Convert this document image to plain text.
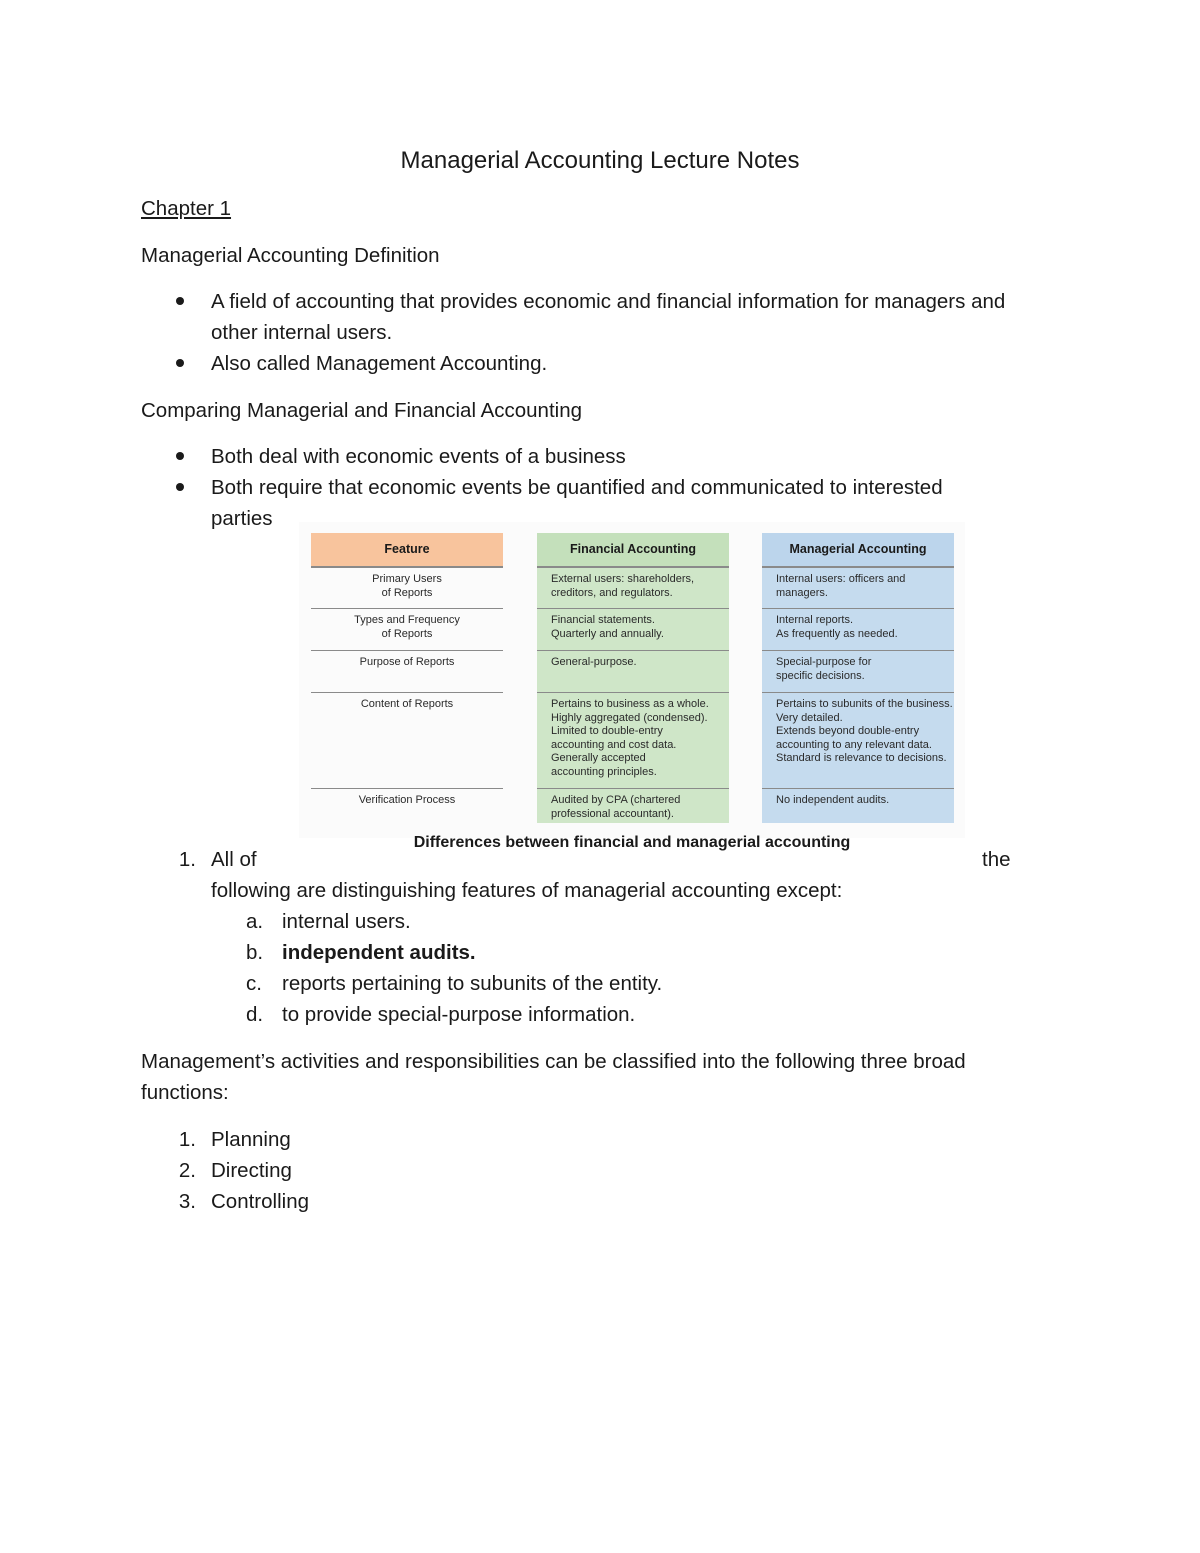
Managerial Accounting Lecture Notes
Chapter 1
Managerial Accounting Definition
A field of accounting that provides economic and financial information for managers and
other internal users.
Also called Management Accounting.
Comparing Managerial and Financial Accounting
Both deal with economic events of a business
Both require that economic events be quantified and communicated to interested
parties
Feature
Primary Users
of Reports
Types and Frequency
of Reports
Purpose of Reports
Content of Reports
Verification Process
Financial Accounting
External users: shareholders,
creditors, and regulators.
Financial statements.
Quarterly and annually.
General-purpose.
Pertains to business as a whole.
Highly aggregated (condensed).
Limited to double-entry
accounting and cost data.
Generally accepted
accounting principles.
Audited by CPA (chartered
professional accountant).
Managerial Accounting
Internal users: officers and
managers.
Internal reports.
As frequently as needed.
Special-purpose for
specific decisions.
Pertains to subunits of the business.
Very detailed.
Extends beyond double-entry
accounting to any relevant data.
Standard is relevance to decisions.
No independent audits.
Differences between financial and managerial accounting
1. All of	the
following are distinguishing features of managerial accounting except:
a. internal users.
b. independent audits.
c. reports pertaining to subunits of the entity.
d. to provide special-purpose information.
Management’s activities and responsibilities can be classified into the following three broad
functions:
1. Planning
2. Directing
3. Controlling
